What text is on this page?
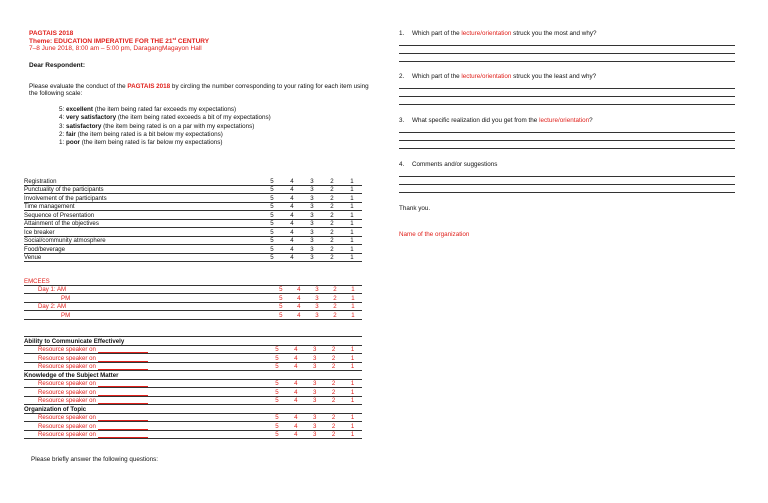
PAGTAIS 2018
Theme: EDUCATION IMPERATIVE FOR THE 21st CENTURY
7–8 June 2018, 8:00 am – 5:00 pm, DaragangMagayon Hall
Dear Respondent:
Please evaluate the conduct of the PAGTAIS 2018 by circling the number corresponding to your rating for each item using the following scale:
5: excellent (the item being rated far exceeds my expectations)
4: very satisfactory (the item being rated exceeds a bit of my expectations)
3: satisfactory (the item being rated is on a par with my expectations)
2: fair (the item being rated is a bit below my expectations)
1: poor (the item being rated is far below my expectations)
Registration	5	4	3	2	1
Punctuality of the participants	5	4	3	2	1
Involvement of the participants	5	4	3	2	1
Time management	5	4	3	2	1
Sequence of Presentation	5	4	3	2	1
Attainment of the objectives	5	4	3	2	1
Ice breaker	5	4	3	2	1
Social/community atmosphere	5	4	3	2	1
Food/beverage	5	4	3	2	1
Venue	5	4	3	2	1
EMCEES					
Day 1: AM	5	4	3	2	1
PM	5	4	3	2	1
Day 2: AM	5	4	3	2	1
PM	5	4	3	2	1
Ability to Communicate Effectively					
Resource speaker on	5	4	3	2	1
Resource speaker on	5	4	3	2	1
Resource speaker on	5	4	3	2	1
Knowledge of the Subject Matter					
Resource speaker on	5	4	3	2	1
Resource speaker on	5	4	3	2	1
Resource speaker on	5	4	3	2	1
Organization of Topic					
Resource speaker on	5	4	3	2	1
Resource speaker on	5	4	3	2	1
Resource speaker on	5	4	3	2	1
Please briefly answer the following questions:
1. Which part of the lecture/orientation struck you the most and why?
2. Which part of the lecture/orientation struck you the least and why?
3. What specific realization did you get from the lecture/orientation?
4. Comments and/or suggestions
Thank you.
Name of the organization
